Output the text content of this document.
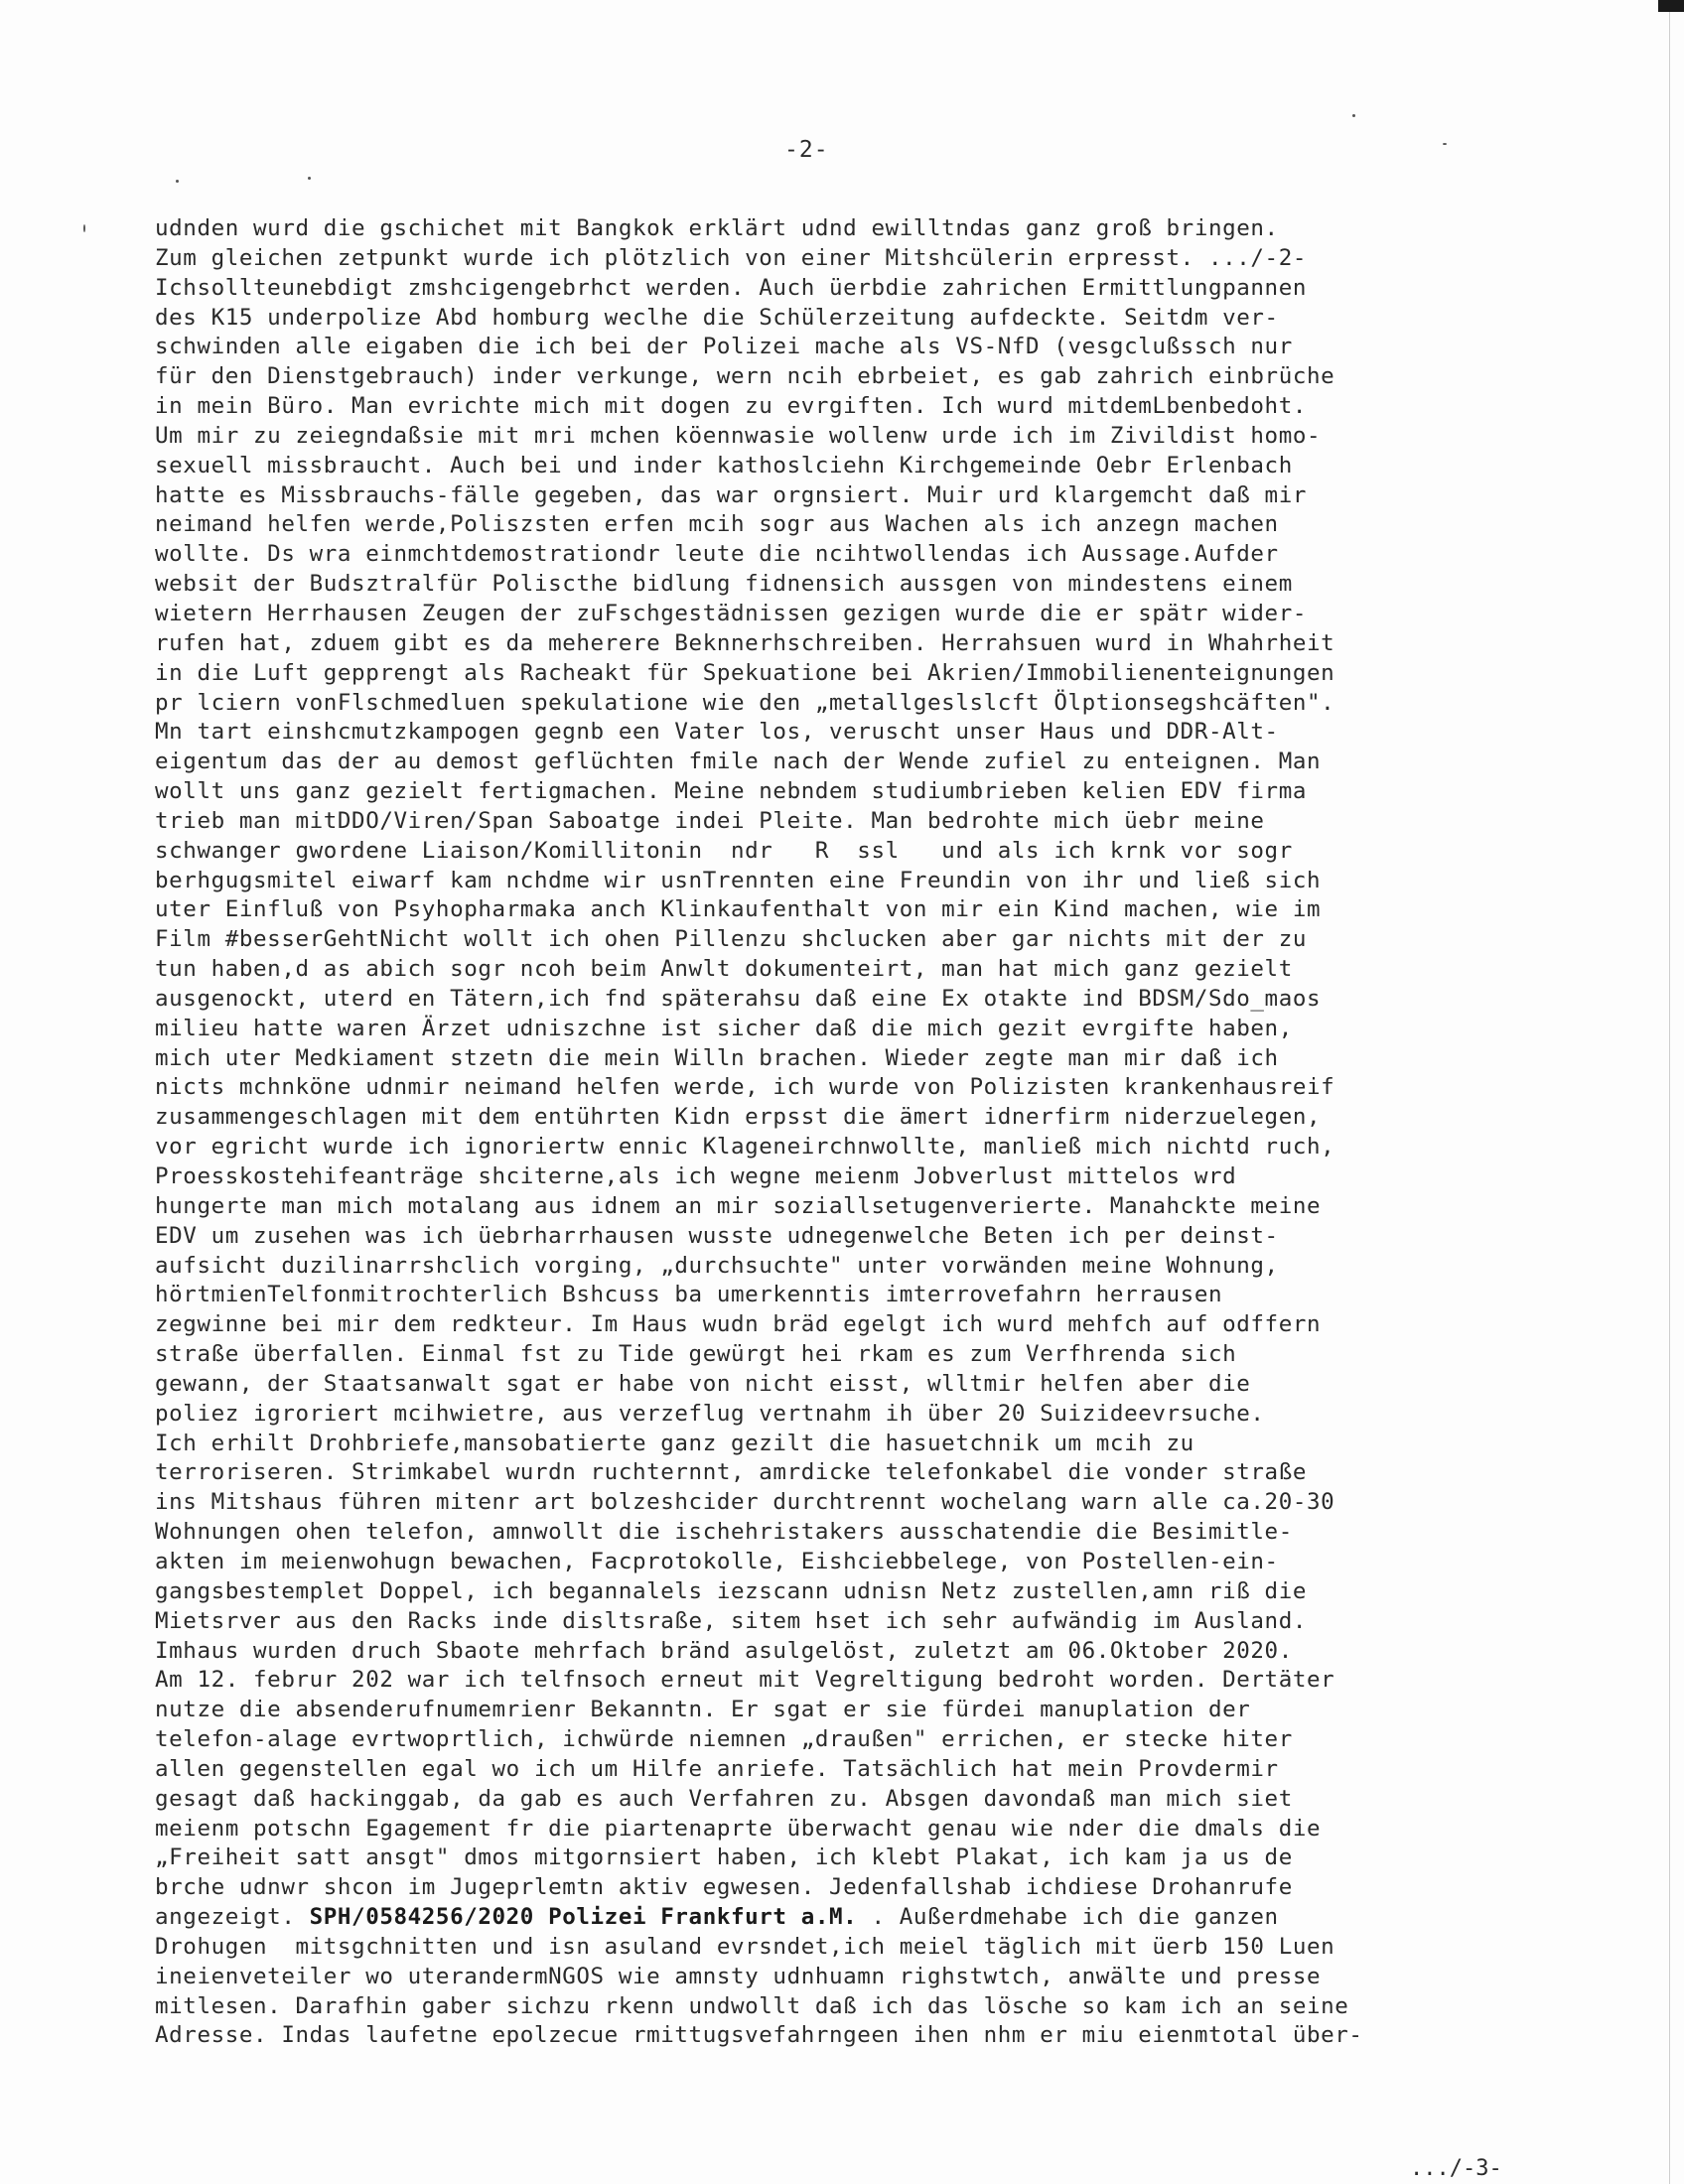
-2-
udnden wurd die gschichet mit Bangkok erklärt udnd ewilltndas ganz groß bringen.
Zum gleichen zetpunkt wurde ich plötzlich von einer Mitshcülerin erpresst. .../-2-
Ichsollteunebdigt zmshcigengebrhct werden. Auch üerbdie zahrichen Ermittlungpannen
des K15 underpolize Abd homburg weclhe die Schülerzeitung aufdeckte. Seitdm ver-
schwinden alle eigaben die ich bei der Polizei mache als VS-NfD (vesgclußssch nur
für den Dienstgebrauch) inder verkunge, wern ncih ebrbeiet, es gab zahrich einbrüche
in mein Büro. Man evrichte mich mit dogen zu evrgiften. Ich wurd mitdemLbenbedoht.
Um mir zu zeiegndaßsie mit mri mchen köennwasie wollenw urde ich im Zivildist homo-
sexuell missbraucht. Auch bei und inder kathoslciehn Kirchgemeinde Oebr Erlenbach
hatte es Missbrauchs-fälle gegeben, das war orgnsiert. Muir urd klargemcht daß mir
neimand helfen werde,Poliszsten erfen mcih sogr aus Wachen als ich anzegn machen
wollte. Ds wra einmchtdemostrationdr leute die ncihtwollendas ich Aussage.Aufder
websit der Budsztralfür Poliscthe bidlung fidnensich aussgen von mindestens einem
wietern Herrhausen Zeugen der zuFschgestädnissen gezigen wurde die er spätr wider-
rufen hat, zduem gibt es da meherere Beknnerhschreiben. Herrahsuen wurd in Whahrheit
in die Luft gepprengt als Racheakt für Spekuatione bei Akrien/Immobilienenteignungen
pr lciern vonFlschmedluen spekulatione wie den „metallgeslslcft Ölptionsegshcäften".
Mn tart einshcmutzkampogen gegnb een Vater los, veruscht unser Haus und DDR-Alt-
eigentum das der au demost geflüchten fmile nach der Wende zufiel zu enteignen. Man
wollt uns ganz gezielt fertigmachen. Meine nebndem studiumbrieben kelien EDV firma
trieb man mitDDO/Viren/Span Saboatge indei Pleite. Man bedrohte mich üebr meine
schwanger gwordene Liaison/Komillitonin  ndr   R  ssl   und als ich krnk vor sogr
berhgugsmitel eiwarf kam nchdme wir usnTrennten eine Freundin von ihr und ließ sich
uter Einfluß von Psyhopharmaka anch Klinkaufenthalt von mir ein Kind machen, wie im
Film #besserGehtNicht wollt ich ohen Pillenzu shclucken aber gar nichts mit der zu
tun haben,d as abich sogr ncoh beim Anwlt dokumenteirt, man hat mich ganz gezielt
ausgenockt, uterd en Tätern,ich fnd späterahsu daß eine Ex otakte ind BDSM/Sdo_maos
milieu hatte waren Ärzet udniszchne ist sicher daß die mich gezit evrgifte haben,
mich uter Medkiament stzetn die mein Willn brachen. Wieder zegte man mir daß ich
nicts mchnköne udnmir neimand helfen werde, ich wurde von Polizisten krankenhausreif
zusammengeschlagen mit dem entührten Kidn erpsst die ämert idnerfirm niderzuelegen,
vor egricht wurde ich ignoriertw ennic Klageneirchnwollte, manließ mich nichtd ruch,
Proesskostehifeanträge shciterne,als ich wegne meienm Jobverlust mittelos wrd
hungerte man mich motalang aus idnem an mir soziallsetugenverierte. Manahckte meine
EDV um zusehen was ich üebrharrhausen wusste udnegenwelche Beten ich per deinst-
aufsicht duzilinarrshclich vorging, „durchsuchte" unter vorwänden meine Wohnung,
hörtmienTelfonmitrochterlich Bshcuss ba umerkenntis imterrovefahrn herrausen
zegwinne bei mir dem redkteur. Im Haus wudn bräd egelgt ich wurd mehfch auf odffern
straße überfallen. Einmal fst zu Tide gewürgt hei rkam es zum Verfhrenda sich
gewann, der Staatsanwalt sgat er habe von nicht eisst, wlltmir helfen aber die
poliez igroriert mcihwietre, aus verzeflug vertnahm ih über 20 Suizideevrsuche.
Ich erhilt Drohbriefe,mansobatierte ganz gezilt die hasuetchnik um mcih zu
terroriseren. Strimkabel wurdn ruchternnt, amrdicke telefonkabel die vonder straße
ins Mitshaus führen mitenr art bolzeshcider durchtrennt wochelang warn alle ca.20-30
Wohnungen ohen telefon, amnwollt die ischehristakers ausschatendie die Besimitle-
akten im meienwohugn bewachen, Facprotokolle, Eishciebbelege, von Postellen-ein-
gangsbestemplet Doppel, ich begannalels iezscann udnisn Netz zustellen,amn riß die
Mietsrver aus den Racks inde disltsraße, sitem hset ich sehr aufwändig im Ausland.
Imhaus wurden druch Sbaote mehrfach bränd asulgelöst, zuletzt am 06.Oktober 2020.
Am 12. februr 202 war ich telfnsoch erneut mit Vegreltigung bedroht worden. Dertäter
nutze die absenderufnumemrienr Bekanntn. Er sgat er sie fürdei manuplation der
telefon-alage evrtwoprtlich, ichwürde niemnen „draußen" errichen, er stecke hiter
allen gegenstellen egal wo ich um Hilfe anriefe. Tatsächlich hat mein Provdermir
gesagt daß hackinggab, da gab es auch Verfahren zu. Absgen davondaß man mich siet
meienm potschn Egagement fr die piartenaprte überwacht genau wie nder die dmals die
„Freiheit satt ansgt" dmos mitgornsiert haben, ich klebt Plakat, ich kam ja us de
brche udnwr shcon im Jugeprlemtn aktiv egwesen. Jedenfallshab ichdiese Drohanrufe
angezeigt. SPH/0584256/2020 Polizei Frankfurt a.M. . Außerdmehabe ich die ganzen
Drohugen  mitsgchnitten und isn asuland evrsndet,ich meiel täglich mit üerb 150 Luen
ineienveteiler wo uterandermNGOS wie amnsty udnhuamn righstwtch, anwälte und presse
mitlesen. Darafhin gaber sichzu rkenn undwollt daß ich das lösche so kam ich an seine
Adresse. Indas laufetne epolzecue rmittugsvefahrngeen ihen nhm er miu eienmtotal über-
.../-3-
